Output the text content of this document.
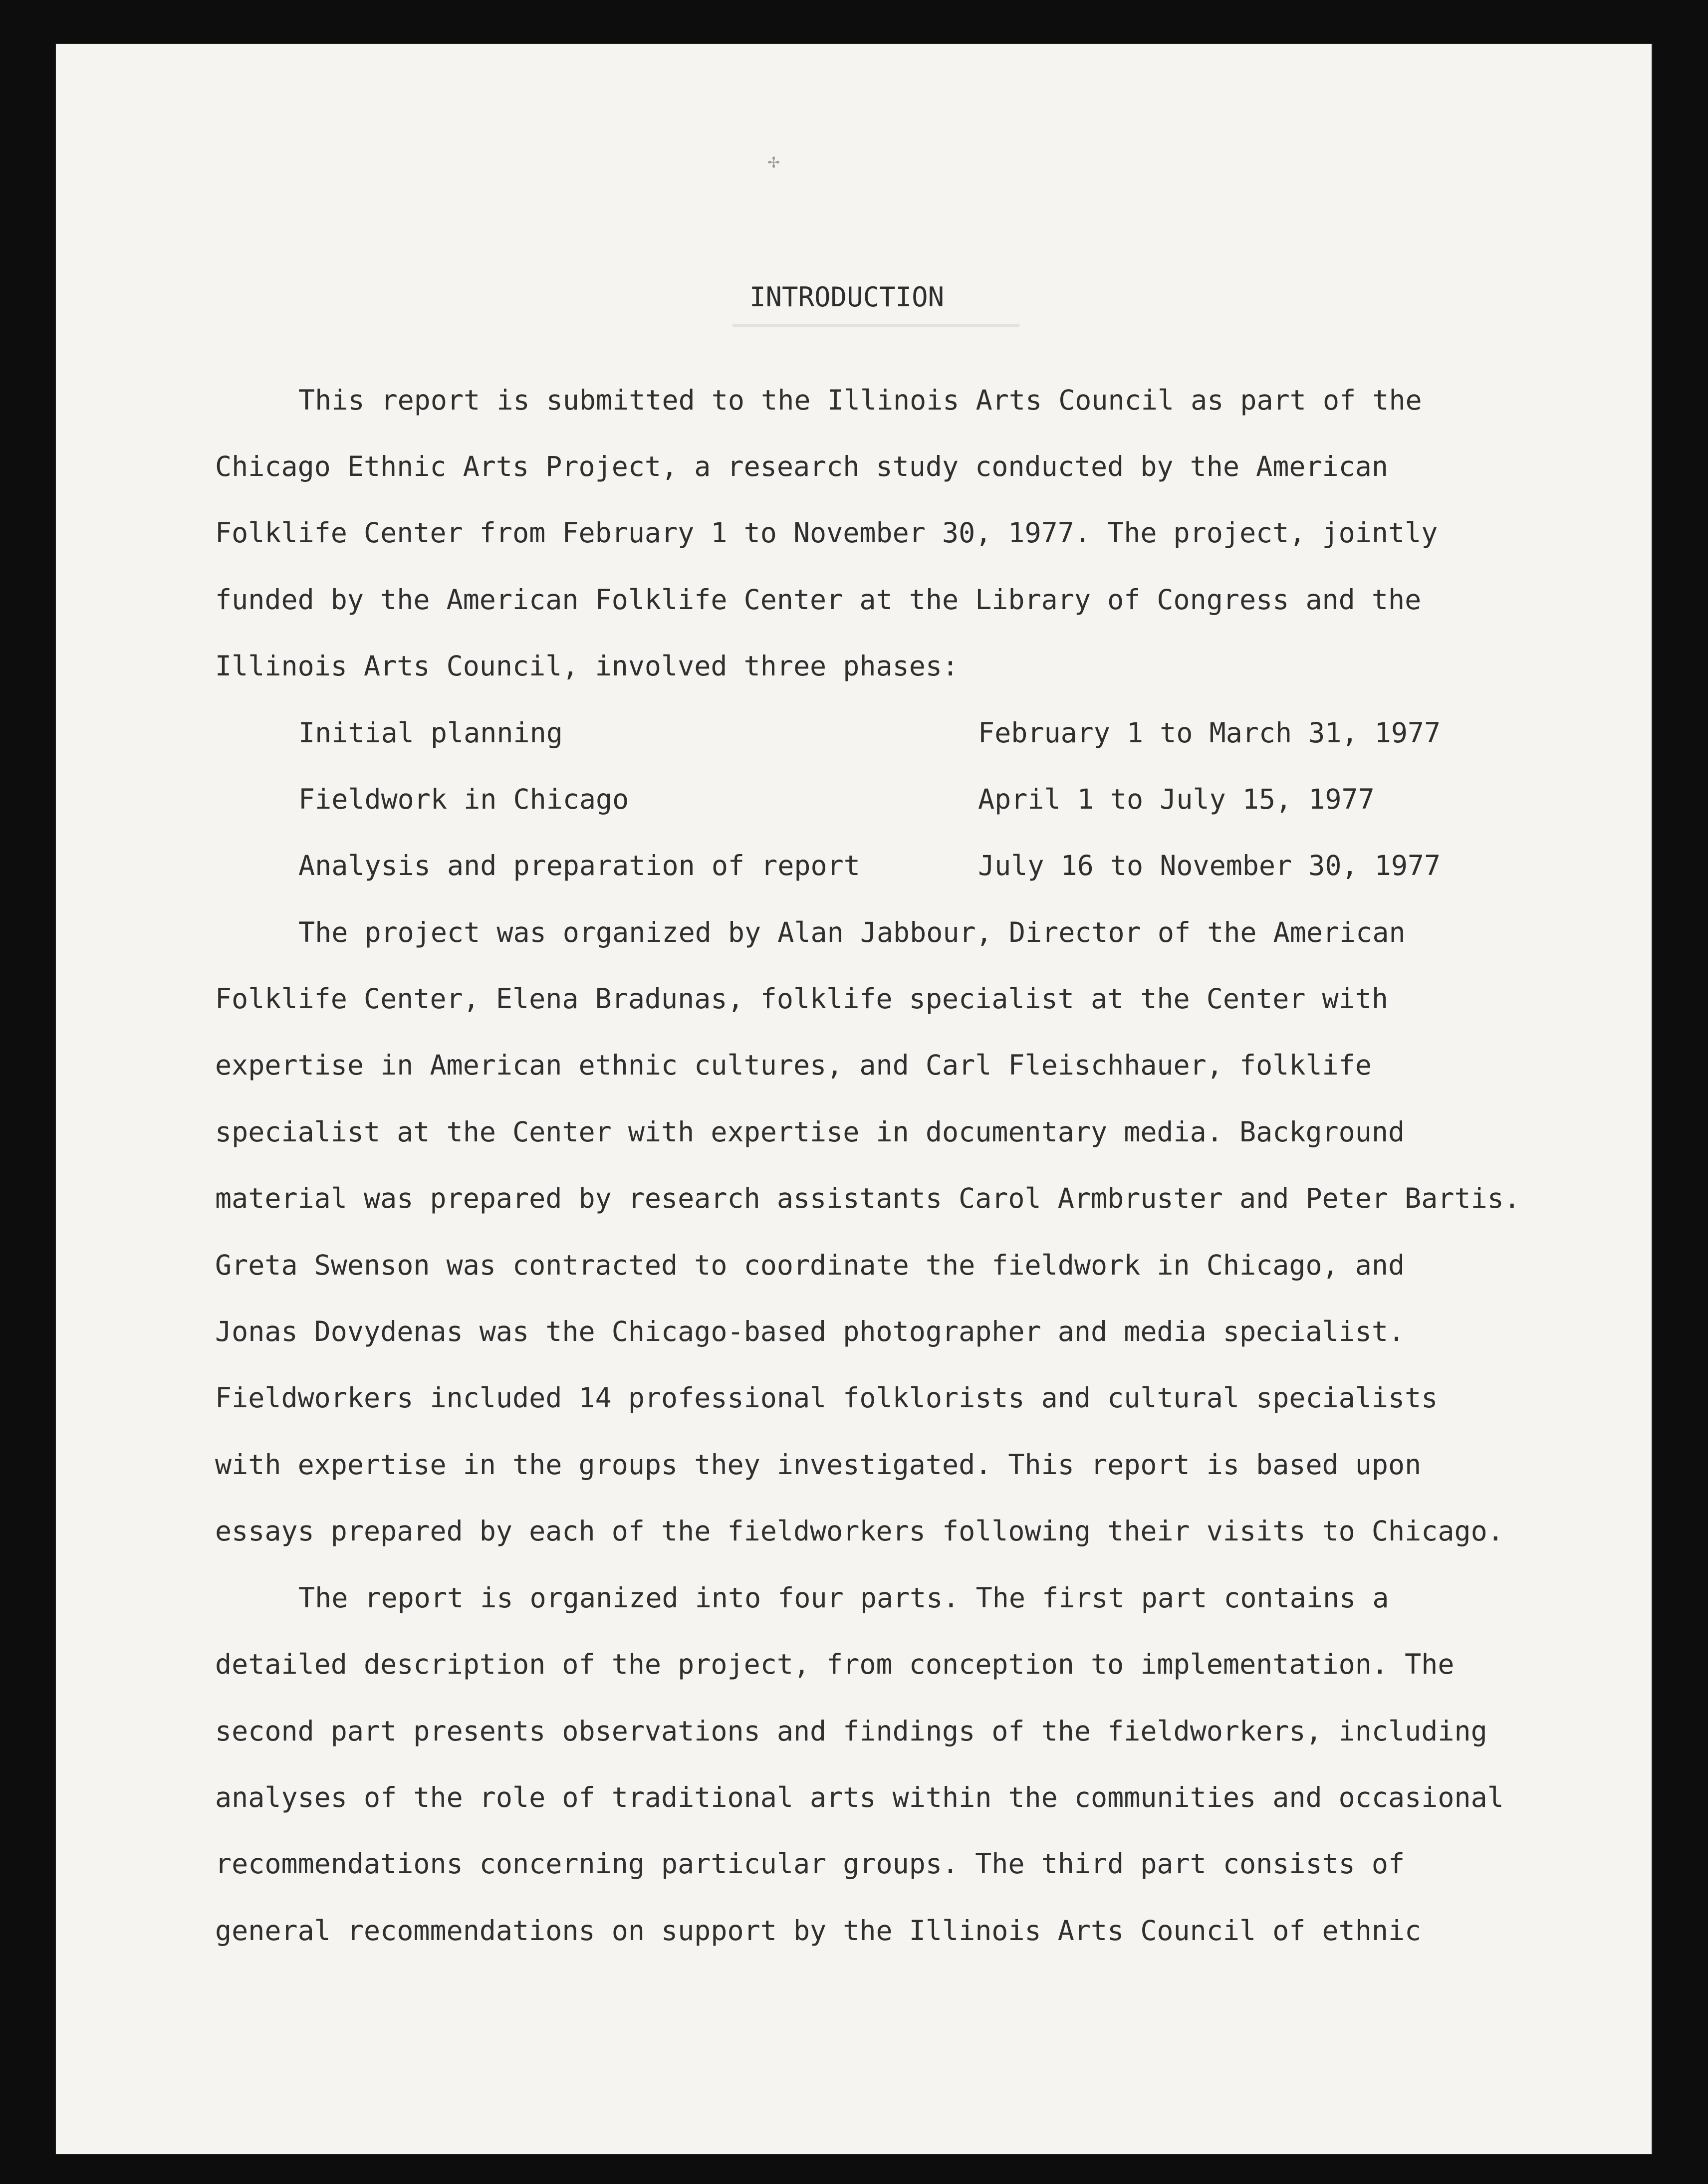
✢
INTRODUCTION
This report is submitted to the Illinois Arts Council as part of the
Chicago Ethnic Arts Project, a research study conducted by the American
Folklife Center from February 1 to November 30, 1977. The project, jointly
funded by the American Folklife Center at the Library of Congress and the
Illinois Arts Council, involved three phases:
Initial planning	February 1 to March 31, 1977
Fieldwork in Chicago	April 1 to July 15, 1977
Analysis and preparation of report	July 16 to November 30, 1977
The project was organized by Alan Jabbour, Director of the American
Folklife Center, Elena Bradunas, folklife specialist at the Center with
expertise in American ethnic cultures, and Carl Fleischhauer, folklife
specialist at the Center with expertise in documentary media. Background
material was prepared by research assistants Carol Armbruster and Peter Bartis.
Greta Swenson was contracted to coordinate the fieldwork in Chicago, and
Jonas Dovydenas was the Chicago-based photographer and media specialist.
Fieldworkers included 14 professional folklorists and cultural specialists
with expertise in the groups they investigated. This report is based upon
essays prepared by each of the fieldworkers following their visits to Chicago.
The report is organized into four parts. The first part contains a
detailed description of the project, from conception to implementation. The
second part presents observations and findings of the fieldworkers, including
analyses of the role of traditional arts within the communities and occasional
recommendations concerning particular groups. The third part consists of
general recommendations on support by the Illinois Arts Council of ethnic
